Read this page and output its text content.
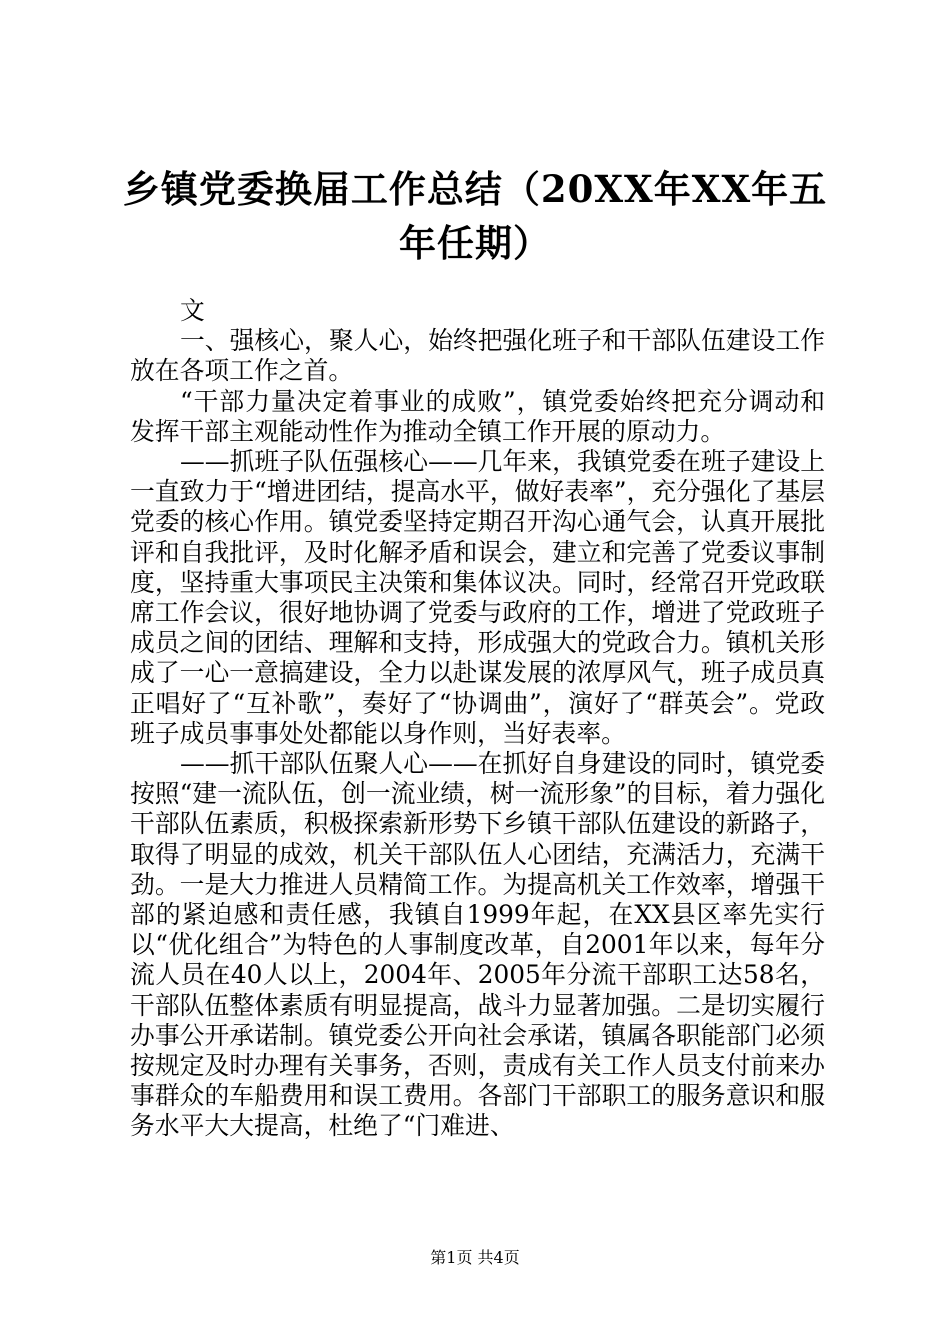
乡镇党委换届工作总结（20XX年XX年五年任期）

文

一、强核心，聚人心，始终把强化班子和干部队伍建设工作放在各项工作之首。

“干部力量决定着事业的成败”，镇党委始终把充分调动和发挥干部主观能动性作为推动全镇工作开展的原动力。

——抓班子队伍强核心——几年来，我镇党委在班子建设上一直致力于“增进团结，提高水平，做好表率”，充分强化了基层党委的核心作用。镇党委坚持定期召开沟心通气会，认真开展批评和自我批评，及时化解矛盾和误会，建立和完善了党委议事制度，坚持重大事项民主决策和集体议决。同时，经常召开党政联席工作会议，很好地协调了党委与政府的工作，增进了党政班子成员之间的团结、理解和支持，形成强大的党政合力。镇机关形成了一心一意搞建设，全力以赴谋发展的浓厚风气，班子成员真正唱好了“互补歌”，奏好了“协调曲”，演好了“群英会”。党政班子成员事事处处都能以身作则，当好表率。

——抓干部队伍聚人心——在抓好自身建设的同时，镇党委按照“建一流队伍，创一流业绩，树一流形象”的目标，着力强化干部队伍素质，积极探索新形势下乡镇干部队伍建设的新路子，取得了明显的成效，机关干部队伍人心团结，充满活力，充满干劲。一是大力推进人员精简工作。为提高机关工作效率，增强干部的紧迫感和责任感，我镇自1999年起，在XX县区率先实行以“优化组合”为特色的人事制度改革，自2001年以来，每年分流人员在40人以上，2004年、2005年分流干部职工达58名，干部队伍整体素质有明显提高，战斗力显著加强。二是切实履行办事公开承诺制。镇党委公开向社会承诺，镇属各职能部门必须按规定及时办理有关事务，否则，责成有关工作人员支付前来办事群众的车船费用和误工费用。各部门干部职工的服务意识和服务水平大大提高，杜绝了“门难进、

第1页 共4页
